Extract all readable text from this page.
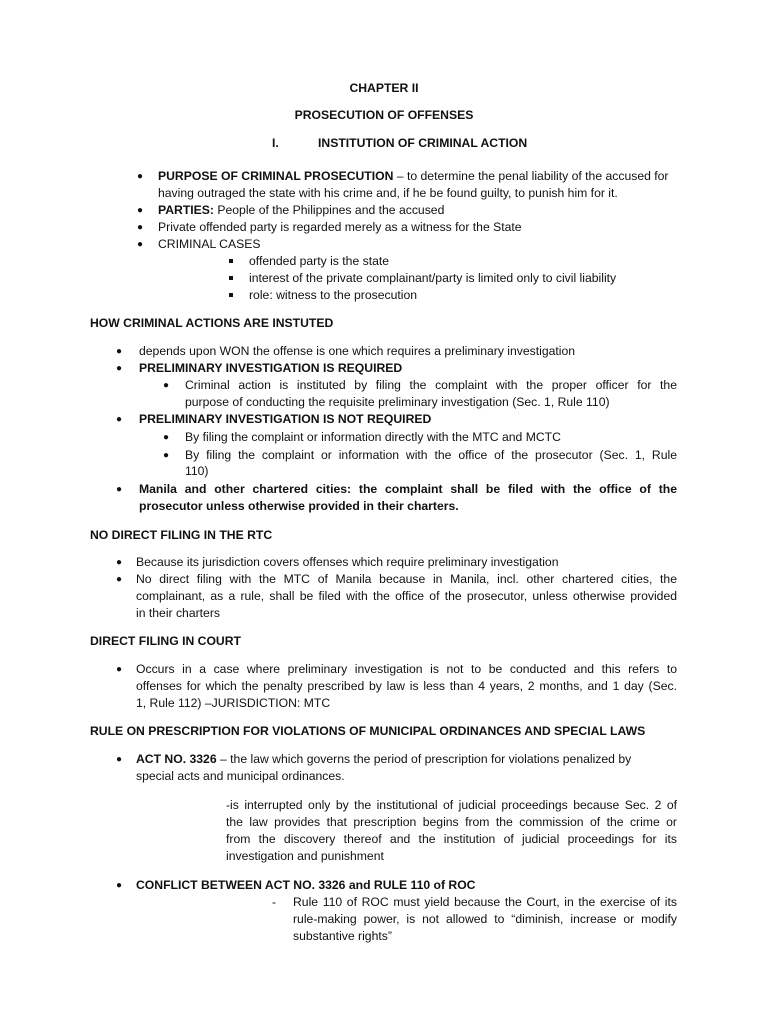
CHAPTER II
PROSECUTION OF OFFENSES
I.	INSTITUTION OF CRIMINAL ACTION
● PURPOSE OF CRIMINAL PROSECUTION – to determine the penal liability of the accused for
having outraged the state with his crime and, if he be found guilty, to punish him for it.
● PARTIES: People of the Philippines and the accused
● Private offended party is regarded merely as a witness for the State
● CRIMINAL CASES
offended party is the state
interest of the private complainant/party is limited only to civil liability
role: witness to the prosecution
HOW CRIMINAL ACTIONS ARE INSTUTED
● depends upon WON the offense is one which requires a preliminary investigation
● PRELIMINARY INVESTIGATION IS REQUIRED
● Criminal action is instituted by filing the complaint with the proper officer for the
purpose of conducting the requisite preliminary investigation (Sec. 1, Rule 110)
● PRELIMINARY INVESTIGATION IS NOT REQUIRED
● By filing the complaint or information directly with the MTC and MCTC
● By filing the complaint or information with the office of the prosecutor (Sec. 1, Rule
110)
● Manila and other chartered cities: the complaint shall be filed with the office of the
prosecutor unless otherwise provided in their charters.
NO DIRECT FILING IN THE RTC
● Because its jurisdiction covers offenses which require preliminary investigation
● No direct filing with the MTC of Manila because in Manila, incl. other chartered cities, the
complainant, as a rule, shall be filed with the office of the prosecutor, unless otherwise provided
in their charters
DIRECT FILING IN COURT
● Occurs in a case where preliminary investigation is not to be conducted and this refers to
offenses for which the penalty prescribed by law is less than 4 years, 2 months, and 1 day (Sec.
1, Rule 112) –JURISDICTION: MTC
RULE ON PRESCRIPTION FOR VIOLATIONS OF MUNICIPAL ORDINANCES AND SPECIAL LAWS
● ACT NO. 3326 – the law which governs the period of prescription for violations penalized by
special acts and municipal ordinances.
-is interrupted only by the institutional of judicial proceedings because Sec. 2 of
the law provides that prescription begins from the commission of the crime or
from the discovery thereof and the institution of judicial proceedings for its
investigation and punishment
● CONFLICT BETWEEN ACT NO. 3326 and RULE 110 of ROC
- Rule 110 of ROC must yield because the Court, in the exercise of its
rule-making power, is not allowed to “diminish, increase or modify
substantive rights”
